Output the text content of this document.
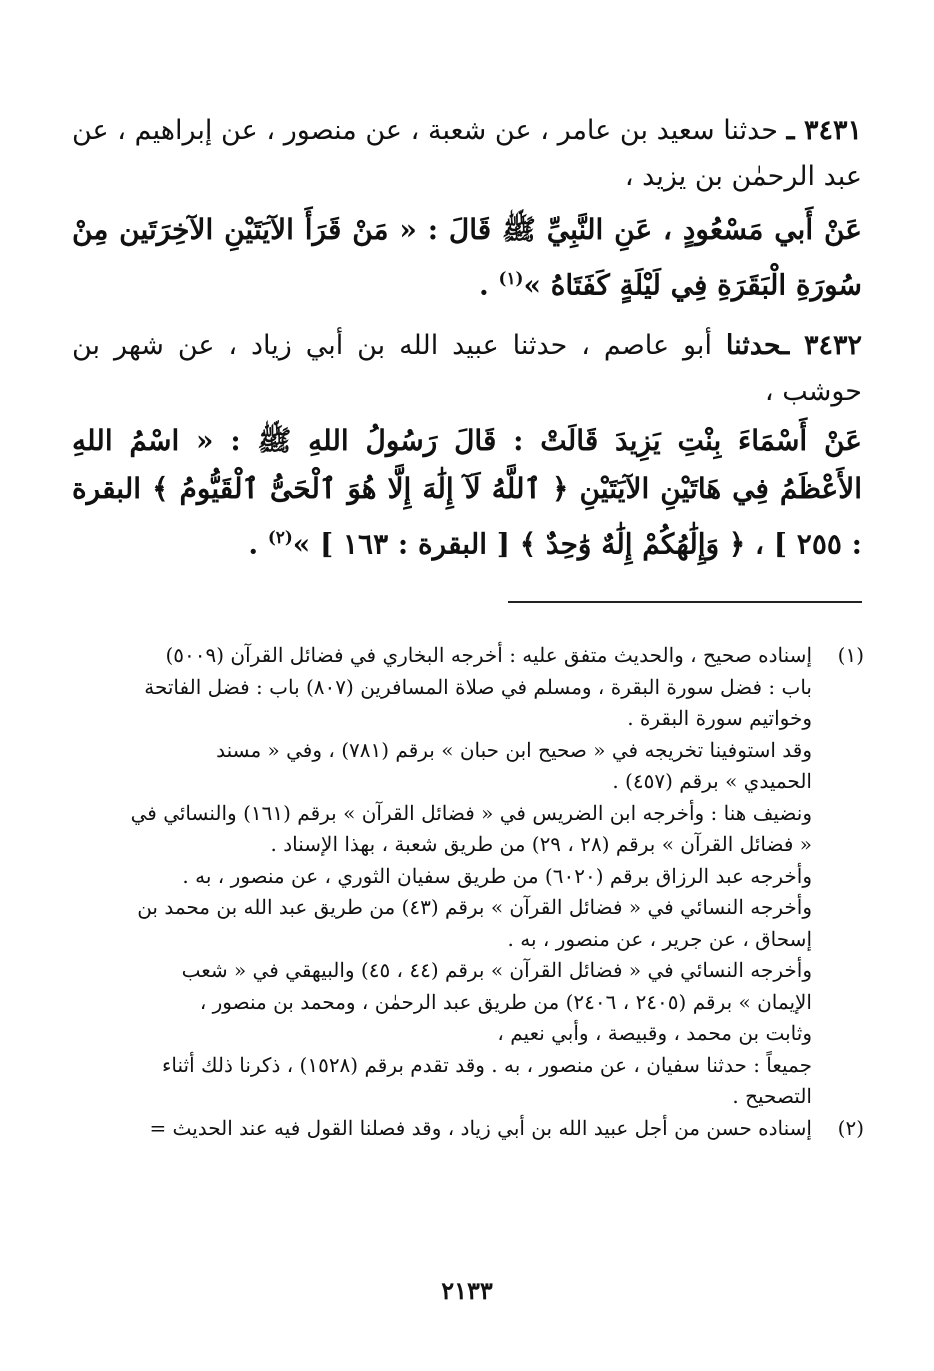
٣٤٣١ ـ حدثنا سعيد بن عامر ، عن شعبة ، عن منصور ، عن إبراهيم ، عن عبد الرحمٰن بن يزيد ،

عَنْ أَبي مَسْعُودٍ ، عَنِ النَّبِيِّ ﷺ قَالَ : « مَنْ قَرَأَ الآيَتَيْنِ الآخِرَتَين مِنْ سُورَةِ الْبَقَرَةِ فِي لَيْلَةٍ كَفَتَاهُ »$^{(١)}$ .

٣٤٣٢ ـحدثنا أبو عاصم ، حدثنا عبيد الله بن أبي زياد ، عن شهر بن حوشب ،

عَنْ أَسْمَاءَ بِنْتِ يَزِيدَ قَالَتْ : قَالَ رَسُولُ اللهِ ﷺ : « اسْمُ اللهِ الأَعْظَمُ فِي هَاتَيْنِ الآيَتَيْنِ ﴿ ٱللَّهُ لَآ إِلَٰهَ إِلَّا هُوَ ٱلْحَىُّ ٱلْقَيُّومُ ﴾ البقرة : ٢٥٥ ] ، ﴿ وَإِلَٰهُكُمْ إِلَٰهٌ وَٰحِدٌ ﴾ [ البقرة : ١٦٣ ] »$^{(٢)}$ .

(١)
إسناده صحيح ، والحديث متفق عليه : أخرجه البخاري في فضائل القرآن (٥٠٠٩)
باب : فضل سورة البقرة ، ومسلم في صلاة المسافرين (٨٠٧) باب : فضل الفاتحة
وخواتيم سورة البقرة .
وقد استوفينا تخريجه في « صحيح ابن حبان » برقم (٧٨١) ، وفي « مسند
الحميدي » برقم (٤٥٧) .
ونضيف هنا : وأخرجه ابن الضريس في « فضائل القرآن » برقم (١٦١) والنسائي في
« فضائل القرآن » برقم (٢٨ ، ٢٩) من طريق شعبة ، بهذا الإسناد .
وأخرجه عبد الرزاق برقم (٦٠٢٠) من طريق سفيان الثوري ، عن منصور ، به .
وأخرجه النسائي في « فضائل القرآن » برقم (٤٣) من طريق عبد الله بن محمد بن
إسحاق ، عن جرير ، عن منصور ، به .
وأخرجه النسائي في « فضائل القرآن » برقم (٤٤ ، ٤٥) والبيهقي في « شعب
الإيمان » برقم (٢٤٠٥ ، ٢٤٠٦) من طريق عبد الرحمٰن ، ومحمد بن منصور ،
وثابت بن محمد ، وقبيصة ، وأبي نعيم ،
جميعاً : حدثنا سفيان ، عن منصور ، به . وقد تقدم برقم (١٥٢٨) ، ذكرنا ذلك أثناء
التصحيح .
(٢)
إسناده حسن من أجل عبيد الله بن أبي زياد ، وقد فصلنا القول فيه عند الحديث =
٢١٣٣
